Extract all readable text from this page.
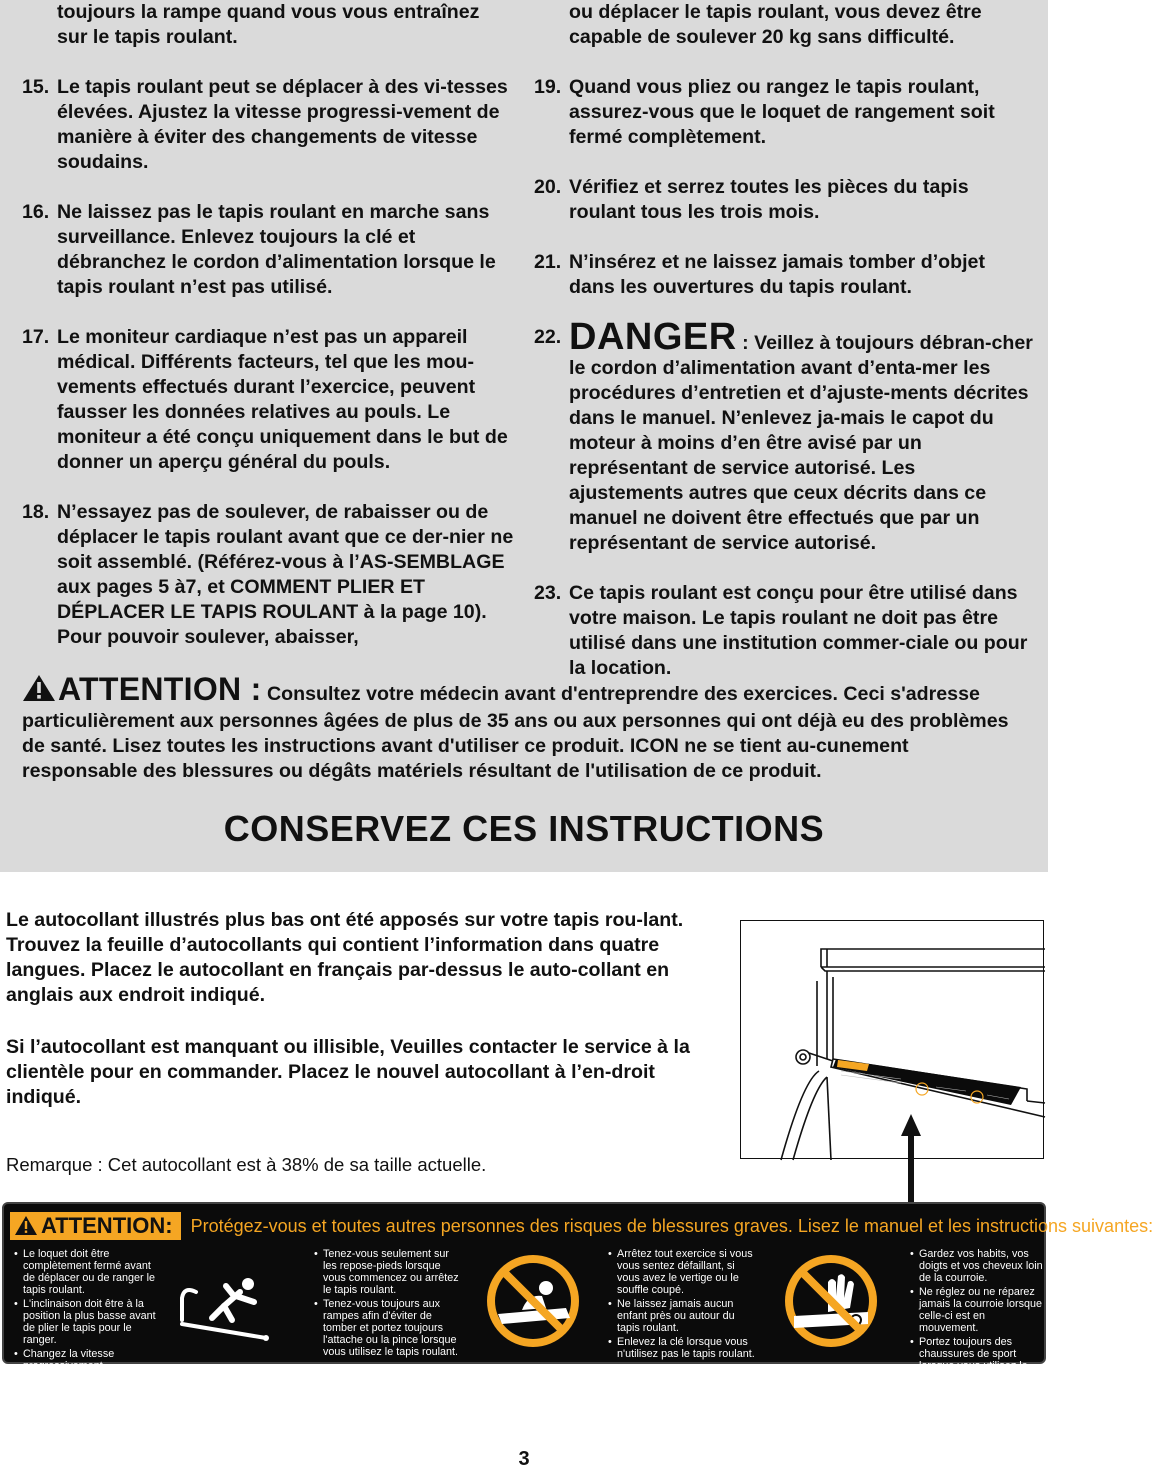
toujours la rampe quand vous vous entraînez sur le tapis roulant.
15. Le tapis roulant peut se déplacer à des vi-tesses élevées. Ajustez la vitesse progressi-vement de manière à éviter des changements de vitesse soudains.
16. Ne laissez pas le tapis roulant en marche sans surveillance. Enlevez toujours la clé et débranchez le cordon d’alimentation lorsque le tapis roulant n’est pas utilisé.
17. Le moniteur cardiaque n’est pas un appareil médical. Différents facteurs, tel que les mou-vements effectués durant l’exercice, peuvent fausser les données relatives au pouls. Le moniteur a été conçu uniquement dans le but de donner un aperçu général du pouls.
18. N’essayez pas de soulever, de rabaisser ou de déplacer le tapis roulant avant que ce der-nier ne soit assemblé. (Référez-vous à l’AS-SEMBLAGE aux pages 5 à7, et COMMENT PLIER ET DÉPLACER LE TAPIS ROULANT à la page 10). Pour pouvoir soulever, abaisser,
ou déplacer le tapis roulant, vous devez être capable de soulever 20 kg sans difficulté.
19. Quand vous pliez ou rangez le tapis roulant, assurez-vous que le loquet de rangement soit fermé complètement.
20. Vérifiez et serrez toutes les pièces du tapis roulant tous les trois mois.
21. N’insérez et ne laissez jamais tomber d’objet dans les ouvertures du tapis roulant.
22. DANGER : Veillez à toujours débran-cher le cordon d’alimentation avant d’enta-mer les procédures d’entretien et d’ajuste-ments décrites dans le manuel. N’enlevez ja-mais le capot du moteur à moins d’en être avisé par un représentant de service autorisé. Les ajustements autres que ceux décrits dans ce manuel ne doivent être effectués que par un représentant de service autorisé.
23. Ce tapis roulant est conçu pour être utilisé dans votre maison. Le tapis roulant ne doit pas être utilisé dans une institution commer-ciale ou pour la location.
ATTENTION : Consultez votre médecin avant d'entreprendre des exercices. Ceci s'adresse particulièrement aux personnes âgées de plus de 35 ans ou aux personnes qui ont déjà eu des problèmes de santé. Lisez toutes les instructions avant d'utiliser ce produit. ICON ne se tient au-cunement responsable des blessures ou dégâts matériels résultant de l'utilisation de ce produit.
CONSERVEZ CES INSTRUCTIONS
Le autocollant illustrés plus bas ont été apposés sur votre tapis rou-lant. Trouvez la feuille d’autocollants qui contient l’information dans quatre langues. Placez le autocollant en français par-dessus le auto-collant en anglais aux endroit indiqué.
Si l’autocollant est manquant ou illisible, Veuilles contacter le service à la clientèle pour en commander. Placez le nouvel autocollant à l’en-droit indiqué.
Remarque : Cet autocollant est à 38% de sa taille actuelle.
ATTENTION: Protégez-vous et toutes autres personnes des risques de blessures graves. Lisez le manuel et les instructions suivantes:
• Le loquet doit être complètement fermé avant de déplacer ou de ranger le tapis roulant.
• L'inclinaison doit être à la position la plus basse avant de plier le tapis pour le ranger.
• Changez la vitesse progressivement.
• Tenez-vous seulement sur les repose-pieds lorsque vous commencez ou arrêtez le tapis roulant.
• Tenez-vous toujours aux rampes afin d'éviter de tomber et portez toujours l'attache ou la pince lorsque vous utilisez le tapis roulant.
• Arrêtez tout exercice si vous vous sentez défaillant, si vous avez le vertige ou le souffle coupé.
• Ne laissez jamais aucun enfant près ou autour du tapis roulant.
• Enlevez la clé lorsque vous n'utilisez pas le tapis roulant.
• Gardez vos habits, vos doigts et vos cheveux loin de la courroie.
• Ne réglez ou ne réparez jamais la courroie lorsque celle-ci est en mouvement.
• Portez toujours des chaussures de sport lorsque vous utilisez le tapis roulant.
3
